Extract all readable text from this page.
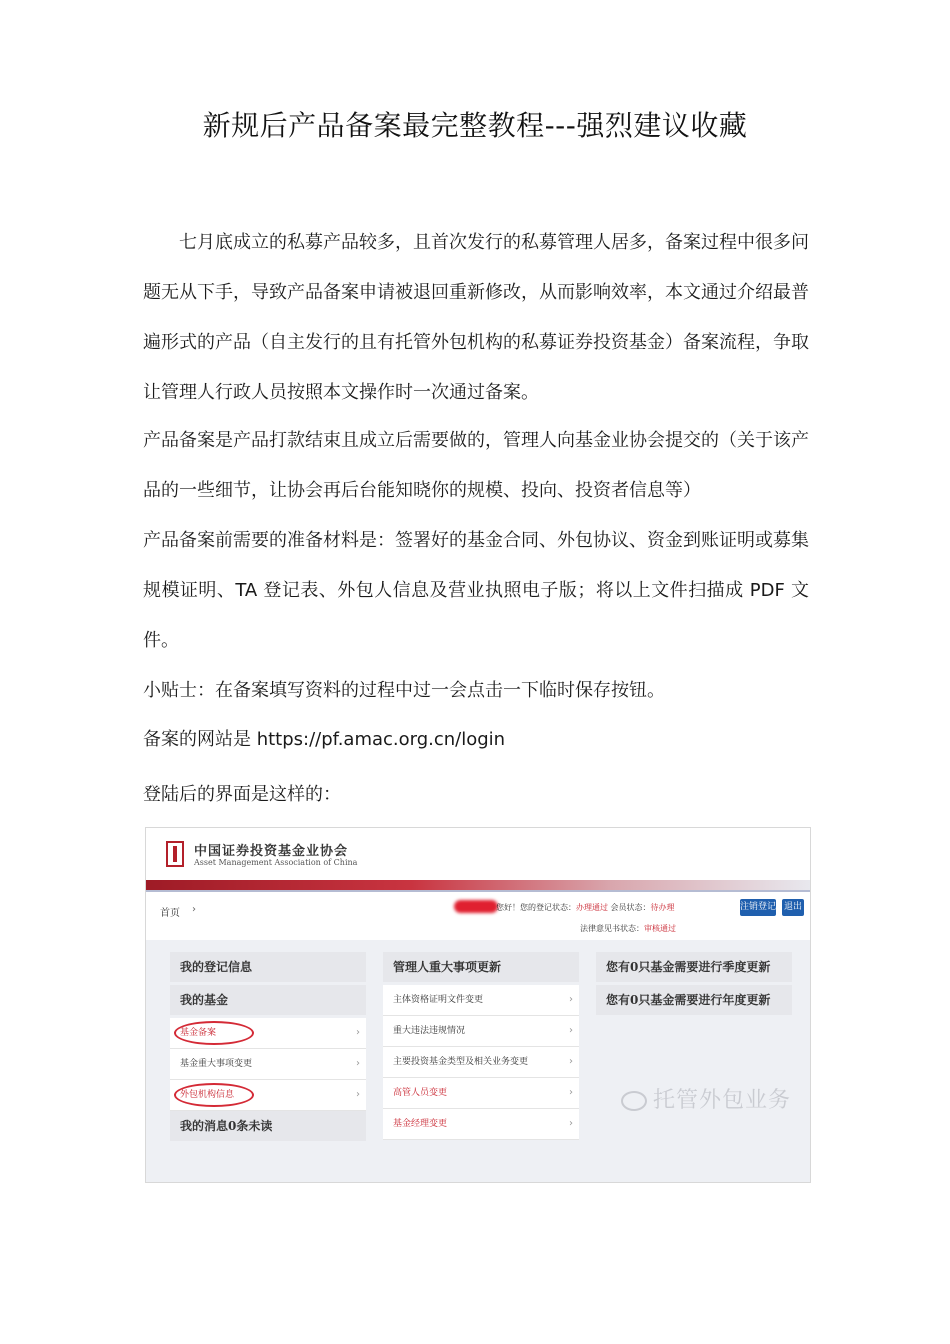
新规后产品备案最完整教程---强烈建议收藏
七月底成立的私募产品较多，且首次发行的私募管理人居多，备案过程中很多问题无从下手，导致产品备案申请被退回重新修改，从而影响效率，本文通过介绍最普遍形式的产品（自主发行的且有托管外包机构的私募证券投资基金）备案流程，争取让管理人行政人员按照本文操作时一次通过备案。
产品备案是产品打款结束且成立后需要做的，管理人向基金业协会提交的（关于该产品的一些细节，让协会再后台能知晓你的规模、投向、投资者信息等）
产品备案前需要的准备材料是：签署好的基金合同、外包协议、资金到账证明或募集规模证明、TA 登记表、外包人信息及营业执照电子版；将以上文件扫描成 PDF 文件。
小贴士：在备案填写资料的过程中过一会点击一下临时保存按钮。
备案的网站是 https://pf.amac.org.cn/login
登陆后的界面是这样的：
中国证券投资基金业协会
Asset Management Association of China
首页 ›	您好！您的登记状态：办理通过 会员状态：待办理
法律意见书状态：审核通过
注销登记 退出
我的登记信息
我的基金
基金备案	›
基金重大事项变更	›
外包机构信息	›
我的消息0条未读
管理人重大事项更新
主体资格证明文件变更	›
重大违法违规情况	›
主要投资基金类型及相关业务变更	›
高管人员变更	›
基金经理变更	›
您有0只基金需要进行季度更新
您有0只基金需要进行年度更新
托管外包业务
